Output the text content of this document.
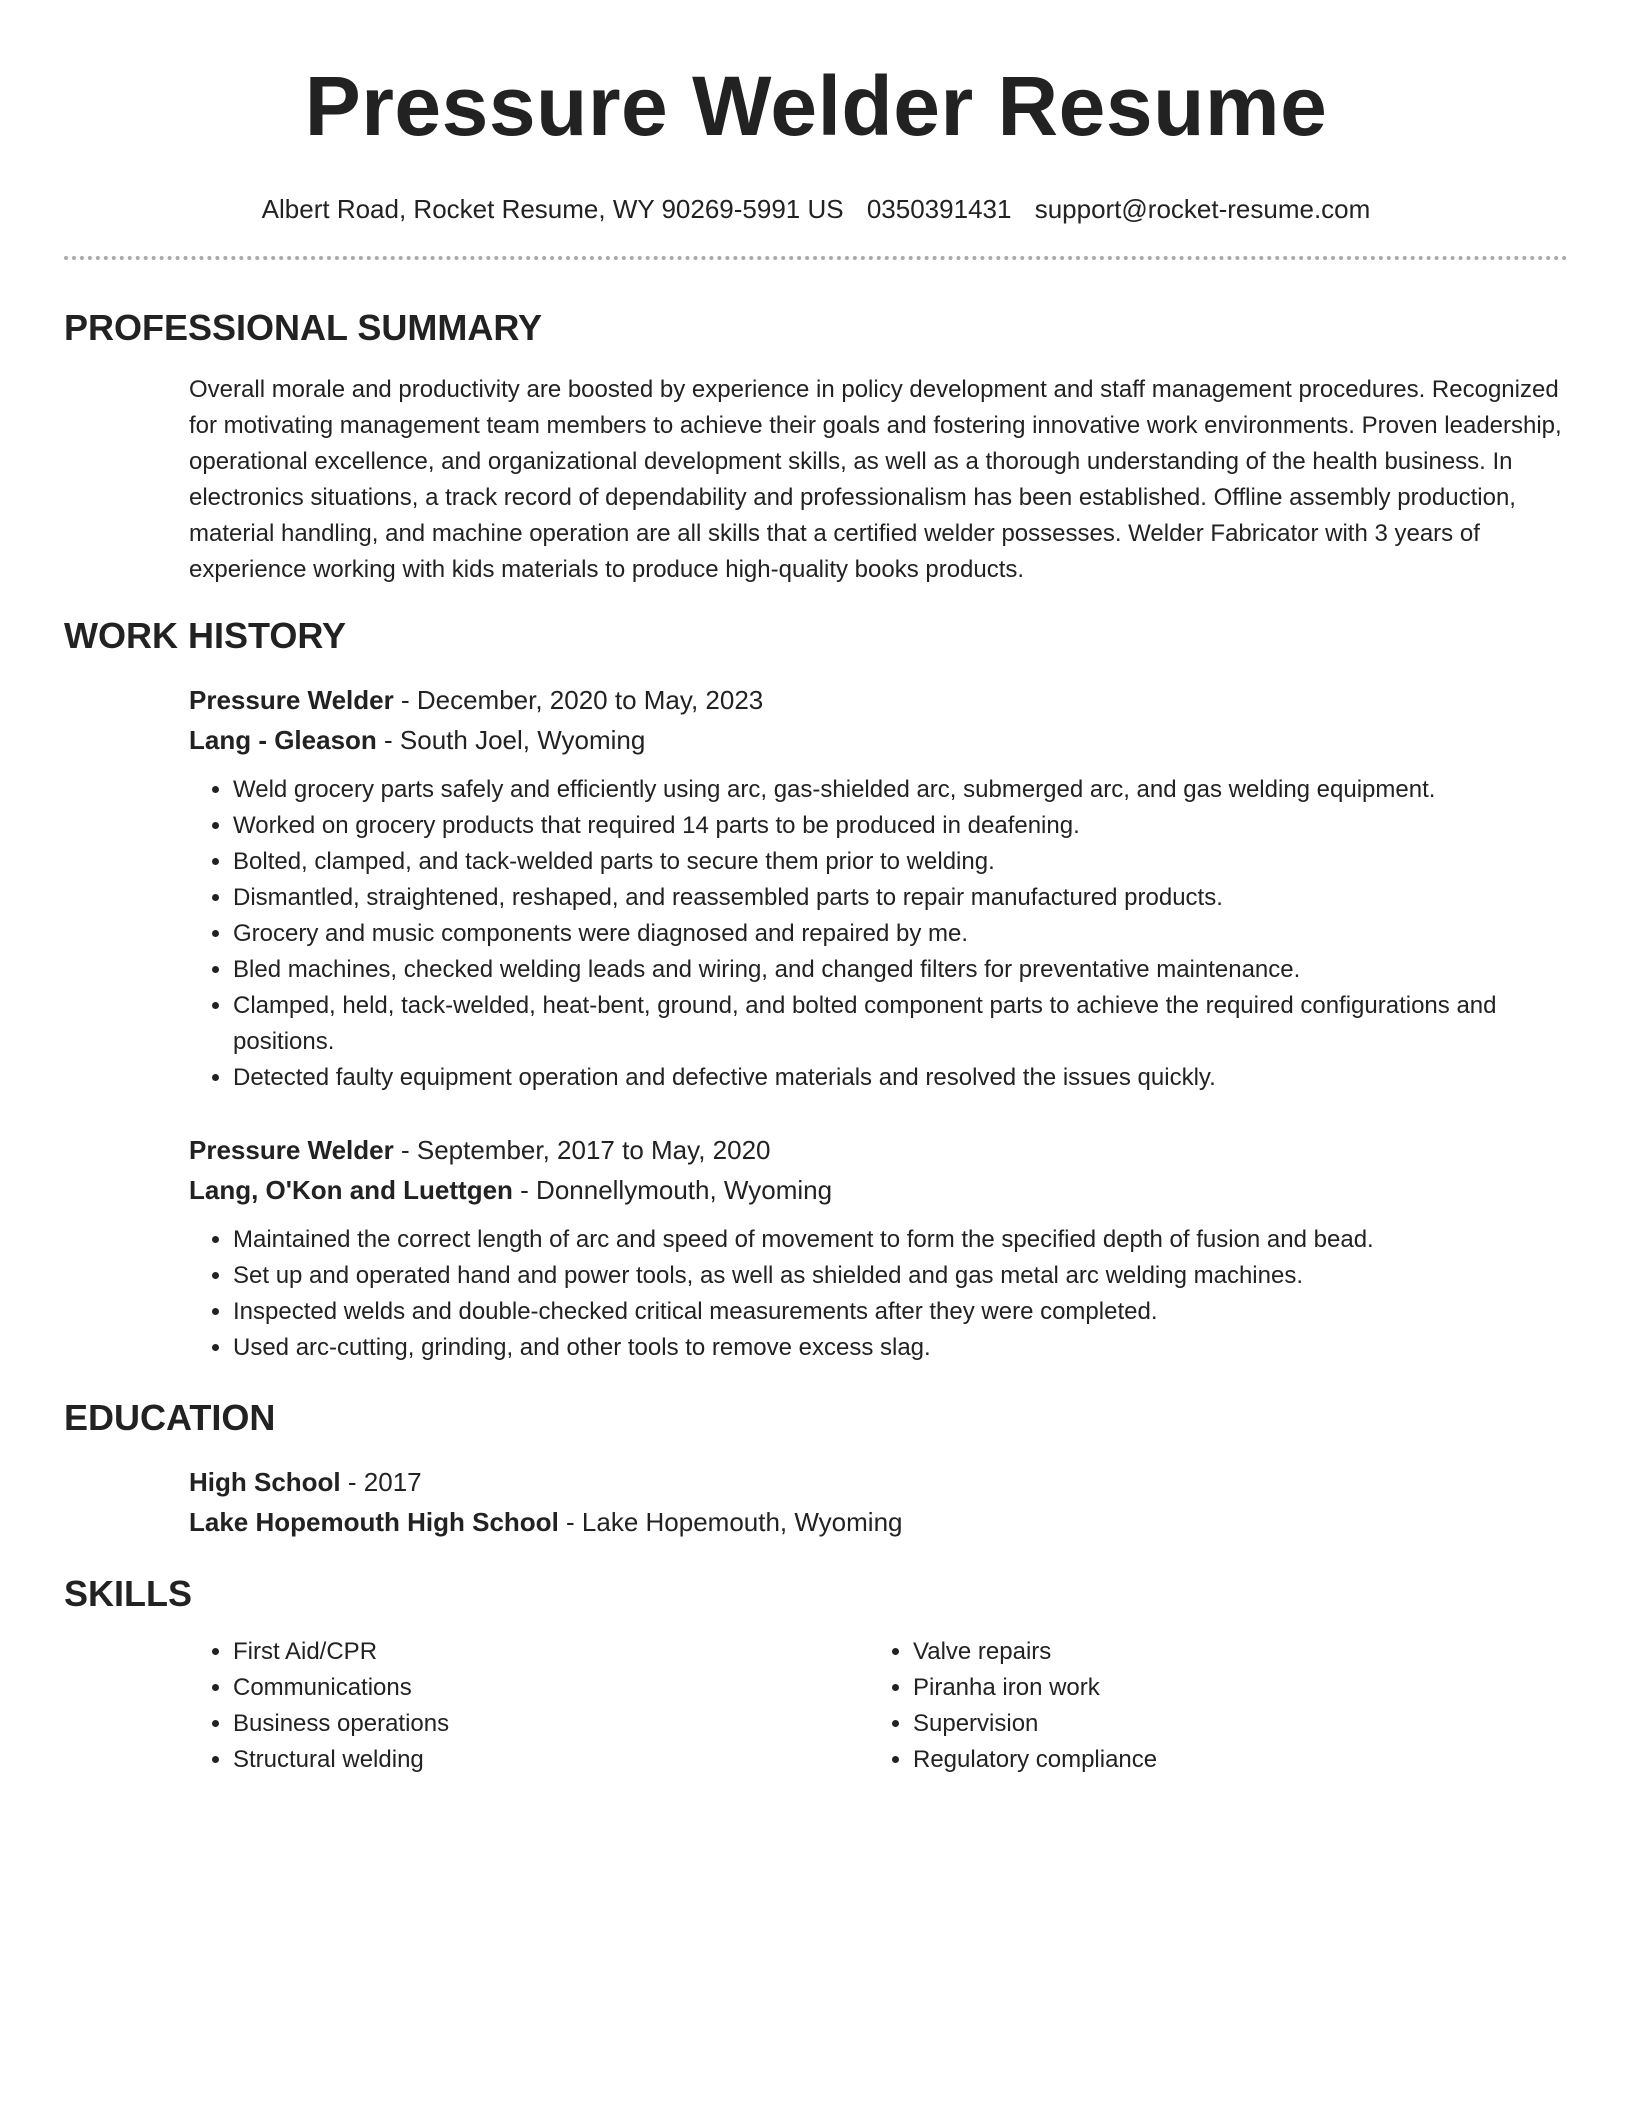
Pressure Welder Resume
Albert Road, Rocket Resume, WY 90269-5991 US 0350391431 support@rocket-resume.com
PROFESSIONAL SUMMARY
Overall morale and productivity are boosted by experience in policy development and staff management procedures. Recognized for motivating management team members to achieve their goals and fostering innovative work environments. Proven leadership, operational excellence, and organizational development skills, as well as a thorough understanding of the health business. In electronics situations, a track record of dependability and professionalism has been established. Offline assembly production, material handling, and machine operation are all skills that a certified welder possesses. Welder Fabricator with 3 years of experience working with kids materials to produce high-quality books products.
WORK HISTORY
Pressure Welder - December, 2020 to May, 2023
Lang - Gleason - South Joel, Wyoming
• Weld grocery parts safely and efficiently using arc, gas-shielded arc, submerged arc, and gas welding equipment.
• Worked on grocery products that required 14 parts to be produced in deafening.
• Bolted, clamped, and tack-welded parts to secure them prior to welding.
• Dismantled, straightened, reshaped, and reassembled parts to repair manufactured products.
• Grocery and music components were diagnosed and repaired by me.
• Bled machines, checked welding leads and wiring, and changed filters for preventative maintenance.
• Clamped, held, tack-welded, heat-bent, ground, and bolted component parts to achieve the required configurations and positions.
• Detected faulty equipment operation and defective materials and resolved the issues quickly.
Pressure Welder - September, 2017 to May, 2020
Lang, O'Kon and Luettgen - Donnellymouth, Wyoming
• Maintained the correct length of arc and speed of movement to form the specified depth of fusion and bead.
• Set up and operated hand and power tools, as well as shielded and gas metal arc welding machines.
• Inspected welds and double-checked critical measurements after they were completed.
• Used arc-cutting, grinding, and other tools to remove excess slag.
EDUCATION
High School - 2017
Lake Hopemouth High School - Lake Hopemouth, Wyoming
SKILLS
• First Aid/CPR
• Communications
• Business operations
• Structural welding
• Valve repairs
• Piranha iron work
• Supervision
• Regulatory compliance
